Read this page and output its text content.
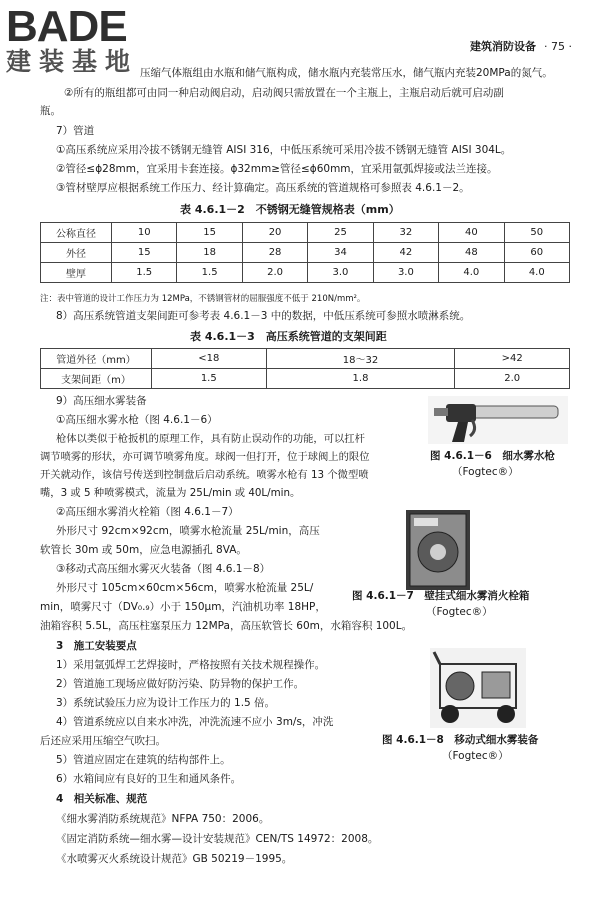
BADE
建装基地
建筑消防设备 · 75 ·
压缩气体瓶组由水瓶和储气瓶构成，储水瓶内充装常压水，储气瓶内充装20MPa的氮气。
②所有的瓶组都可由同一种启动阀启动，启动阀只需放置在一个主瓶上，主瓶启动后就可启动副
瓶。
7）管道
①高压系统应采用冷拔不锈钢无缝管 AISI 316，中低压系统可采用冷拔不锈钢无缝管 AISI 304L。
②管径≤ϕ28mm，宜采用卡套连接。ϕ32mm≥管径≤ϕ60mm，宜采用氩弧焊接或法兰连接。
③管材壁厚应根据系统工作压力、经计算确定。高压系统的管道规格可参照表 4.6.1－2。
表 4.6.1－2　不锈钢无缝管规格表（mm）
公称直径	10	15	20	25	32	40	50
外径	15	18	28	34	42	48	60
壁厚	1.5	1.5	2.0	3.0	3.0	4.0	4.0
注：表中管道的设计工作压力为 12MPa，不锈钢管材的屈服强度不低于 210N/mm²。
8）高压系统管道支架间距可参考表 4.6.1－3 中的数据，中低压系统可参照水喷淋系统。
表 4.6.1－3　高压系统管道的支架间距
管道外径（mm）	<18	18～32	>42
支架间距（m）	1.5	1.8	2.0
9）高压细水雾装备
①高压细水雾水枪（图 4.6.1－6）
枪体以类似于枪扳机的原理工作，具有防止误动作的功能，可以扛杆
调节喷雾的形状，亦可调节喷雾角度。球阀一但打开，位于球阀上的限位
开关就动作，该信号传送到控制盘后启动系统。喷雾水枪有 13 个微型喷
嘴，3 或 5 种喷雾模式，流量为 25L/min 或 40L/min。
②高压细水雾消火栓箱（图 4.6.1－7）
外形尺寸 92cm×92cm，喷雾水枪流量 25L/min，高压
软管长 30m 或 50m，应急电源插孔 8VA。
③移动式高压细水雾灭火装备（图 4.6.1－8）
外形尺寸 105cm×60cm×56cm，喷雾水枪流量 25L/
min，喷雾尺寸（DV₀.₉）小于 150μm，汽油机功率 18HP，
油箱容积 5.5L，高压柱塞泵压力 12MPa，高压软管长 60m，水箱容积 100L。
3　施工安装要点
1）采用氩弧焊工艺焊接时，严格按照有关技术规程操作。
2）管道施工现场应做好防污染、防异物的保护工作。
3）系统试验压力应为设计工作压力的 1.5 倍。
4）管道系统应以自来水冲洗，冲洗流速不应小 3m/s，冲洗
后还应采用压缩空气吹扫。
5）管道应固定在建筑的结构部件上。
6）水箱间应有良好的卫生和通风条件。
4　相关标准、规范
《细水雾消防系统规范》NFPA 750：2006。
《固定消防系统—细水雾—设计安装规范》CEN/TS 14972：2008。
《水喷雾灭火系统设计规范》GB 50219－1995。
图 4.6.1－6　细水雾水枪
（Fogtec®）
图 4.6.1－7　壁挂式细水雾消火栓箱
（Fogtec®）
图 4.6.1－8　移动式细水雾装备
（Fogtec®）
